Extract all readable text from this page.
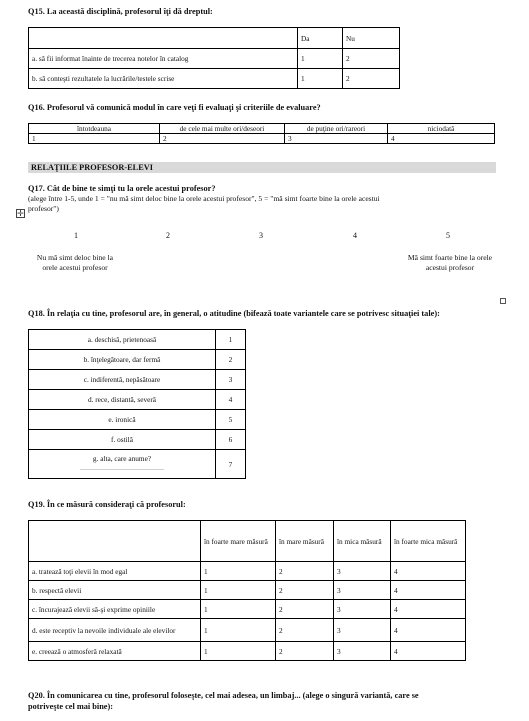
Q15. La această disciplină, profesorul îţi dă dreptul:
	Da	Nu
a. să fii informat înainte de trecerea notelor în catalog	1	2
b. să conteşti rezultatele la lucrările/testele scrise	1	2
Q16. Profesorul vă comunică modul în care veţi fi evaluaţi şi criteriile de evaluare?
întotdeauna	de cele mai multe ori/deseori	de puţine ori/rareori	niciodată
1	2	3	4
RELAŢIILE PROFESOR-ELEVI
Q17. Cât de bine te simţi tu la orele acestui profesor?
(alege între 1-5, unde 1 = "nu mă simt deloc bine la orele acestui profesor", 5 = "mă simt foarte bine la orele acestui
profesor")
✛
1	2	3	4	5
Nu mă simt deloc bine la orele acestui profesor
Mă simt foarte bine la orele acestui profesor
Q18. În relaţia cu tine, profesorul are, în general, o atitudine (bifează toate variantele care se potrivesc situaţiei tale):
a. deschisă, prietenoasă	1
b. înţelegătoare, dar fermă	2
c. indiferentă, nepăsătoare	3
d. rece, distantă, severă	4
e. ironică	5
f. ostilă	6

g. alta, care anume?
……………………………………	7
Q19. În ce măsură consideraţi că profesorul:
	în foarte mare măsură	în mare măsură	în mica măsură	în foarte mica măsură
a. tratează toţi elevii în mod egal	1	2	3	4
b. respectă elevii	1	2	3	4
c. încurajează elevii să-şi exprime opiniile	1	2	3	4
d. este receptiv la nevoile individuale ale elevilor	1	2	3	4
e. creează o atmosferă relaxată	1	2	3	4
Q20. În comunicarea cu tine, profesorul foloseşte, cel mai adesea, un limbaj... (alege o singură variantă, care se
potriveşte cel mai bine):
